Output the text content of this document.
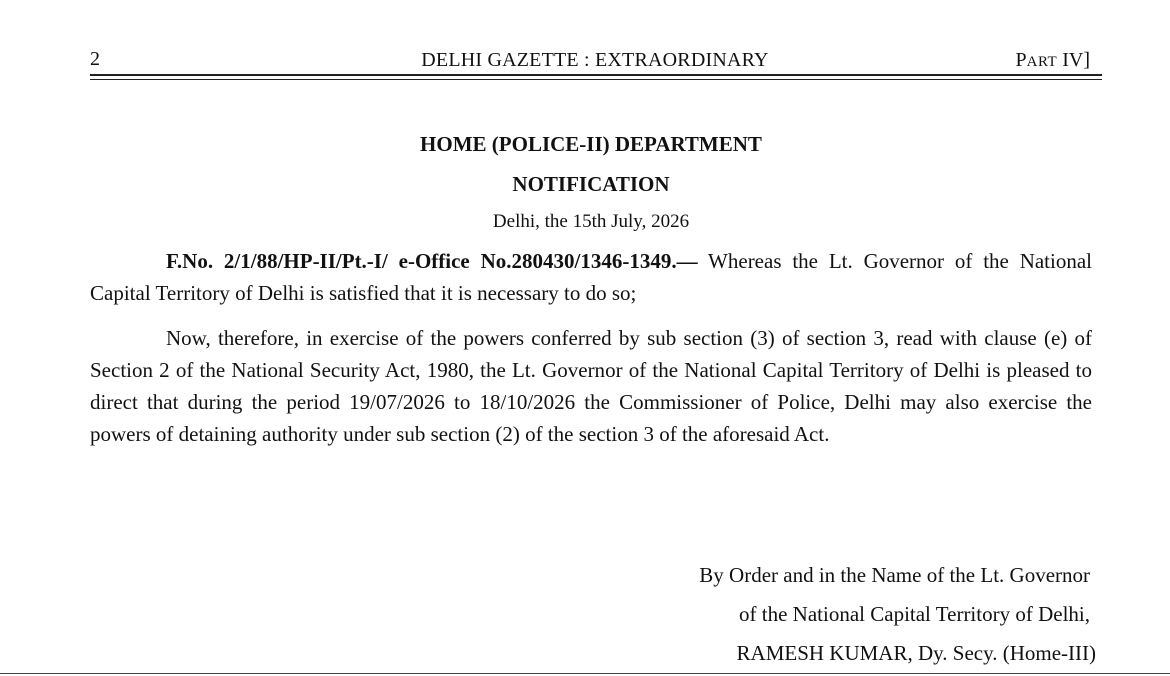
2	DELHI GAZETTE : EXTRAORDINARY	PART IV]
HOME (POLICE-II) DEPARTMENT
NOTIFICATION
Delhi, the 15th July, 2026
F.No. 2/1/88/HP-II/Pt.-I/ e-Office No.280430/1346-1349.— Whereas the Lt. Governor of the National Capital Territory of Delhi is satisfied that it is necessary to do so;
Now, therefore, in exercise of the powers conferred by sub section (3) of section 3, read with clause (e) of Section 2 of the National Security Act, 1980, the Lt. Governor of the National Capital Territory of Delhi is pleased to direct that during the period 19/07/2026 to 18/10/2026 the Commissioner of Police, Delhi may also exercise the powers of detaining authority under sub section (2) of the section 3 of the aforesaid Act.
By Order and in the Name of the Lt. Governor
of the National Capital Territory of Delhi,
RAMESH KUMAR, Dy. Secy. (Home-III)
